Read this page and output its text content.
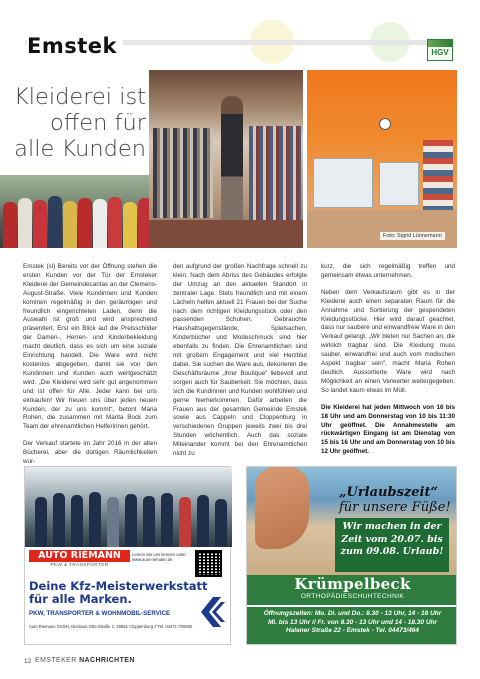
Emstek	HGV
Kleiderei ist offen für alle Kunden
Foto: Sigrid Lünnemann

Emstek (sl) Bereits vor der Öffnung stehen die ersten Kunden vor der Tür der Emsteker Kleiderei der Gemeindecaritas an der Clemens-August-Straße. Viele Kundinnen und Kunden kommen regelmäßig in den geräumigen und freundlich eingerichteten Laden, denn die Auswahl ist groß und wird ansprechend präsentiert. Erst ein Blick auf die Preisschilder der Damen-, Herren- und Kinderbekleidung macht deutlich, dass es sich um eine soziale Einrichtung handelt. Die Ware wird nicht kostenlos abgegeben, damit sie von den Kundinnen und Kunden auch wertgeschätzt wird. „Die Kleiderei wird sehr gut angenommen und ist offen für Alle. Jeder kann bei uns einkaufen! Wir freuen uns über jeden neuen Kunden, der zu uns kommt“, betont Maria Rohen, die zusammen mit Marita Bock zum Team der ehrenamtlichen Helferinnen gehört.

Der Verkauf startete im Jahr 2016 in der alten Bücherei, aber die dortigen Räumlichkeiten wur-

den aufgrund der großen Nachfrage schnell zu klein. Nach dem Abriss des Gebäudes erfolgte der Umzug an den aktuellen Standort in zentraler Lage. Stets freundlich und mit einem Lächeln helfen aktuell 21 Frauen bei der Suche nach dem richtigen Kleidungsstück oder den passenden Schuhen. Gebrauchte Haushaltsgegenstände, Spielsachen, Kinderbücher und Modeschmuck sind hier ebenfalls zu finden. Die Ehrenamtlichen sind mit großem Engagement und viel Herzblut dabei. Sie suchen die Ware aus, dekorieren die Geschäftsräume „ihrer Boutique“ liebevoll und sorgen auch für Sauberkeit. Sie möchten, dass sich die Kundinnen und Kunden wohlfühlen und gerne hierherkommen. Dafür arbeiten die Frauen aus der gesamten Gemeinde Emstek sowie aus Cappeln und Cloppenburg in verschiedenen Gruppen jeweils zwei bis drei Stunden wöchentlich. Auch das soziale Miteinander kommt bei den Ehrenamtlichen nicht zu

kurz, die sich regelmäßig treffen und gemeinsam etwas unternehmen.

Neben dem Verkaufsraum gibt es in der Kleiderei auch einen separaten Raum für die Annahme und Sortierung der gespendeten Kleidungsstücke. Hier wird darauf geachtet, dass nur saubere und einwandfreie Ware in den Verkauf gelangt. „Wir bieten nur Sachen an, die wirklich tragbar sind. Die Kleidung muss sauber, einwandfrei und auch vom modischen Aspekt tragbar sein“, macht Maria Rohen deutlich. Aussortierte Ware wird nach Möglichkeit an einen Verwerter weitergegeben. So landet kaum etwas im Müll.

Die Kleiderei hat jeden Mittwoch von 16 bis 18 Uhr und am Donnerstag von 10 bis 11:30 Uhr geöffnet. Die Annahmestelle am rückwärtigen Eingang ist am Dienstag von 15 bis 16 Uhr und am Donnerstag von 10 bis 12 Uhr geöffnet.

AUTO RIEMANN
PKW & TRANSPORTER
Lernen Sie uns kennen unter: www.auto-riemann.de
Deine Kfz-Meisterwerkstatt für alle Marken.
PKW, TRANSPORTER & WOHNMOBIL-SERVICE
Auto Riemann GmbH, Nicolaus-Otto-Straße 2, 49661 Cloppenburg // Tel. 04471-709830
„Urlaubszeit“
für unsere Füße!
Wir machen in der Zeit vom 20.07. bis zum 09.08. Urlaub!
Krümpelbeck
ORTHOPÄDIESCHUHTECHNIK
Öffnungszeiten: Mo. Di. und Do.: 8.30 - 13 Uhr, 14 - 18 Uhr
Mi. bis 13 Uhr // Fr. von 8.30 - 13 Uhr und 14 - 18.30 Uhr
Halener Straße 22 - Emstek - Tel. 04473/464
12 EMSTEKER NACHRICHTEN
